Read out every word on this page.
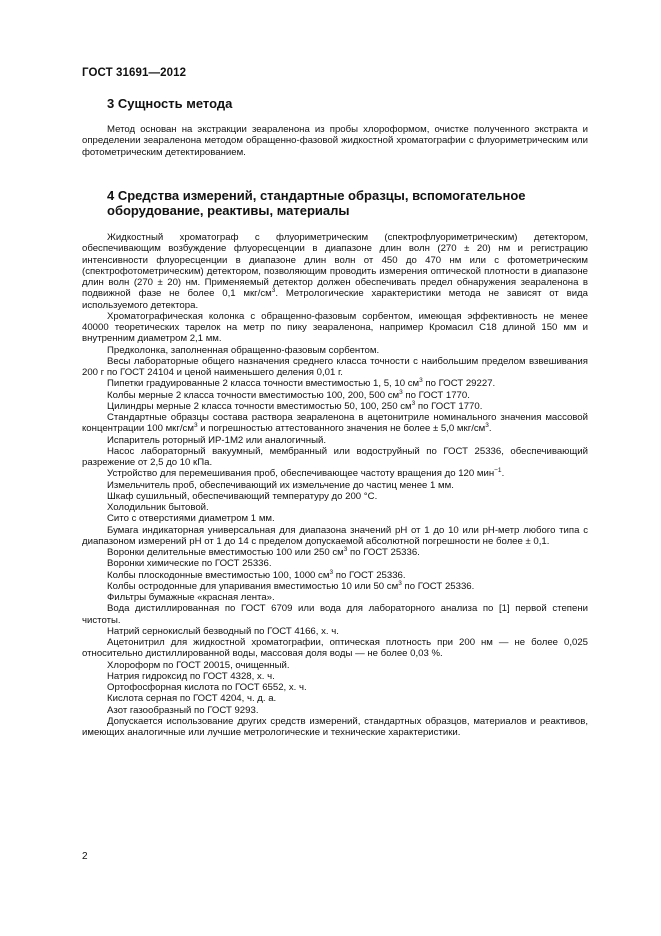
ГОСТ 31691—2012
3 Сущность метода

Метод основан на экстракции зеараленона из пробы хлороформом, очистке полученного экстракта и определении зеараленона методом обращенно-фазовой жидкостной хроматографии с флуориметрическим или фотометрическим детектированием.

4 Средства измерений, стандартные образцы, вспомогательное оборудование, реактивы, материалы

Жидкостный хроматограф с флуориметрическим (спектрофлуориметрическим) детектором, обеспечивающим возбуждение флуоресценции в диапазоне длин волн (270 ± 20) нм и регистрацию интенсивности флуоресценции в диапазоне длин волн от 450 до 470 нм или с фотометрическим (спектрофотометрическим) детектором, позволяющим проводить измерения оптической плотности в диапазоне длин волн (270 ± 20) нм. Применяемый детектор должен обеспечивать предел обнаружения зеараленона в подвижной фазе не более 0,1 мкг/$см^3$. Метрологические характеристики метода не зависят от вида используемого детектора.

Хроматографическая колонка с обращенно-фазовым сорбентом, имеющая эффективность не менее 40000 теоретических тарелок на метр по пику зеараленона, например Кромасил С18 длиной 150 мм и внутренним диаметром 2,1 мм.

Предколонка, заполненная обращенно-фазовым сорбентом.

Весы лабораторные общего назначения среднего класса точности с наибольшим пределом взвешивания 200 г по ГОСТ 24104 и ценой наименьшего деления 0,01 г.

Пипетки градуированные 2 класса точности вместимостью 1, 5, 10 $см^3$ по ГОСТ 29227.

Колбы мерные 2 класса точности вместимостью 100, 200, 500 $см^3$ по ГОСТ 1770.

Цилиндры мерные 2 класса точности вместимостью 50, 100, 250 $см^3$ по ГОСТ 1770.

Стандартные образцы состава раствора зеараленона в ацетонитриле номинального значения массовой концентрации 100 мкг/$см^3$ и погрешностью аттестованного значения не более ± 5,0 мкг/$см^3$.

Испаритель роторный ИР-1М2 или аналогичный.

Насос лабораторный вакуумный, мембранный или водоструйный по ГОСТ 25336, обеспечивающий разрежение от 2,5 до 10 кПа.

Устройство для перемешивания проб, обеспечивающее частоту вращения до 120 мин$^{-1}$.

Измельчитель проб, обеспечивающий их измельчение до частиц менее 1 мм.

Шкаф сушильный, обеспечивающий температуру до 200 °С.

Холодильник бытовой.

Сито с отверстиями диаметром 1 мм.

Бумага индикаторная универсальная для диапазона значений рН от 1 до 10 или рН-метр любого типа с диапазоном измерений рН от 1 до 14 с пределом допускаемой абсолютной погрешности не более ± 0,1.

Воронки делительные вместимостью 100 или 250 $см^3$ по ГОСТ 25336.

Воронки химические по ГОСТ 25336.

Колбы плоскодонные вместимостью 100, 1000 $см^3$ по ГОСТ 25336.

Колбы остродонные для упаривания вместимостью 10 или 50 $см^3$ по ГОСТ 25336.

Фильтры бумажные «красная лента».

Вода дистиллированная по ГОСТ 6709 или вода для лабораторного анализа по [1] первой степени чистоты.

Натрий сернокислый безводный по ГОСТ 4166, х. ч.

Ацетонитрил для жидкостной хроматографии, оптическая плотность при 200 нм — не более 0,025 относительно дистиллированной воды, массовая доля воды — не более 0,03 %.

Хлороформ по ГОСТ 20015, очищенный.

Натрия гидроксид по ГОСТ 4328, х. ч.

Ортофосфорная кислота по ГОСТ 6552, х. ч.

Кислота серная по ГОСТ 4204, ч. д. а.

Азот газообразный по ГОСТ 9293.

Допускается использование других средств измерений, стандартных образцов, материалов и реактивов, имеющих аналогичные или лучшие метрологические и технические характеристики.

2
